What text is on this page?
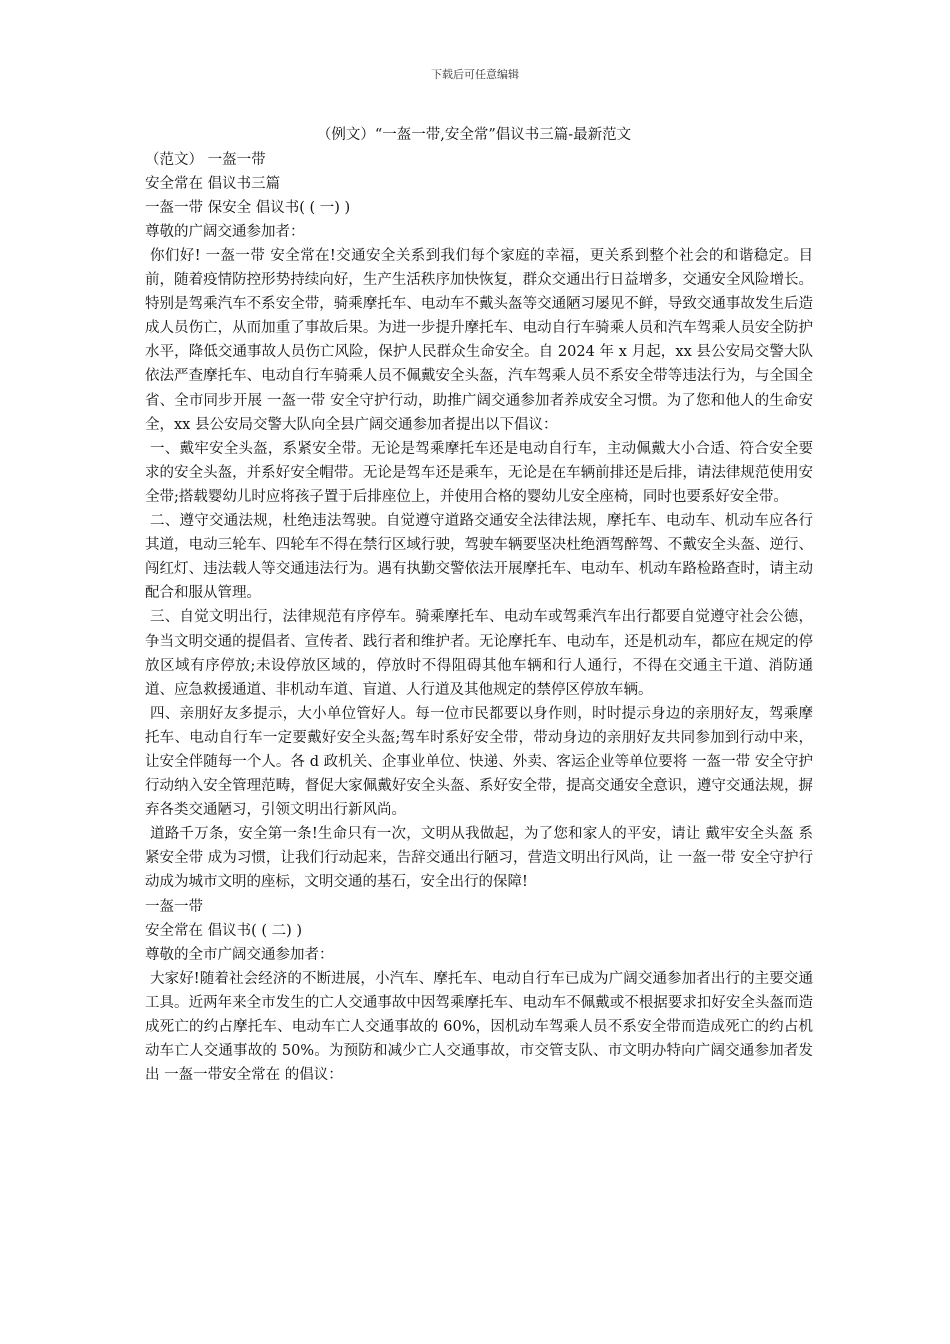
下载后可任意编辑
（例文）“一盔一带,安全常”倡议书三篇-最新范文
（范文） 一盔一带
安全常在 倡议书三篇
一盔一带 保安全 倡议书( ( 一) )
尊敬的广阔交通参加者：

你们好! 一盔一带 安全常在!交通安全关系到我们每个家庭的幸福，更关系到整个社会的和谐稳定。目前，随着疫情防控形势持续向好，生产生活秩序加快恢复，群众交通出行日益增多，交通安全风险增长。特别是驾乘汽车不系安全带，骑乘摩托车、电动车不戴头盔等交通陋习屡见不鲜，导致交通事故发生后造成人员伤亡，从而加重了事故后果。为进一步提升摩托车、电动自行车骑乘人员和汽车驾乘人员安全防护水平，降低交通事故人员伤亡风险，保护人民群众生命安全。自 2024 年 x 月起，xx 县公安局交警大队依法严查摩托车、电动自行车骑乘人员不佩戴安全头盔，汽车驾乘人员不系安全带等违法行为，与全国全省、全市同步开展 一盔一带 安全守护行动，助推广阔交通参加者养成安全习惯。为了您和他人的生命安全，xx 县公安局交警大队向全县广阔交通参加者提出以下倡议：

一、戴牢安全头盔，系紧安全带。无论是驾乘摩托车还是电动自行车，主动佩戴大小合适、符合安全要求的安全头盔，并系好安全帽带。无论是驾车还是乘车，无论是在车辆前排还是后排，请法律规范使用安全带;搭载婴幼儿时应将孩子置于后排座位上，并使用合格的婴幼儿安全座椅，同时也要系好安全带。

二、遵守交通法规，杜绝违法驾驶。自觉遵守道路交通安全法律法规，摩托车、电动车、机动车应各行其道，电动三轮车、四轮车不得在禁行区域行驶，驾驶车辆要坚决杜绝酒驾醉驾、不戴安全头盔、逆行、闯红灯、违法载人等交通违法行为。遇有执勤交警依法开展摩托车、电动车、机动车路检路查时，请主动配合和服从管理。

三、自觉文明出行，法律规范有序停车。骑乘摩托车、电动车或驾乘汽车出行都要自觉遵守社会公德，争当文明交通的提倡者、宣传者、践行者和维护者。无论摩托车、电动车，还是机动车，都应在规定的停放区域有序停放;未设停放区域的，停放时不得阻碍其他车辆和行人通行，不得在交通主干道、消防通道、应急救援通道、非机动车道、盲道、人行道及其他规定的禁停区停放车辆。

四、亲朋好友多提示，大小单位管好人。每一位市民都要以身作则，时时提示身边的亲朋好友，驾乘摩托车、电动自行车一定要戴好安全头盔;驾车时系好安全带，带动身边的亲朋好友共同参加到行动中来，让安全伴随每一个人。各 d 政机关、企事业单位、快递、外卖、客运企业等单位要将 一盔一带 安全守护行动纳入安全管理范畴，督促大家佩戴好安全头盔、系好安全带，提高交通安全意识，遵守交通法规，摒弃各类交通陋习，引领文明出行新风尚。

道路千万条，安全第一条!生命只有一次，文明从我做起，为了您和家人的平安，请让 戴牢安全头盔 系紧安全带 成为习惯，让我们行动起来，告辞交通出行陋习，营造文明出行风尚，让 一盔一带 安全守护行动成为城市文明的座标，文明交通的基石，安全出行的保障!

一盔一带
安全常在 倡议书( ( 二) )
尊敬的全市广阔交通参加者：

大家好!随着社会经济的不断进展，小汽车、摩托车、电动自行车已成为广阔交通参加者出行的主要交通工具。近两年来全市发生的亡人交通事故中因驾乘摩托车、电动车不佩戴或不根据要求扣好安全头盔而造成死亡的约占摩托车、电动车亡人交通事故的 60%，因机动车驾乘人员不系安全带而造成死亡的约占机动车亡人交通事故的 50%。为预防和减少亡人交通事故，市交管支队、市文明办特向广阔交通参加者发出 一盔一带安全常在 的倡议：
